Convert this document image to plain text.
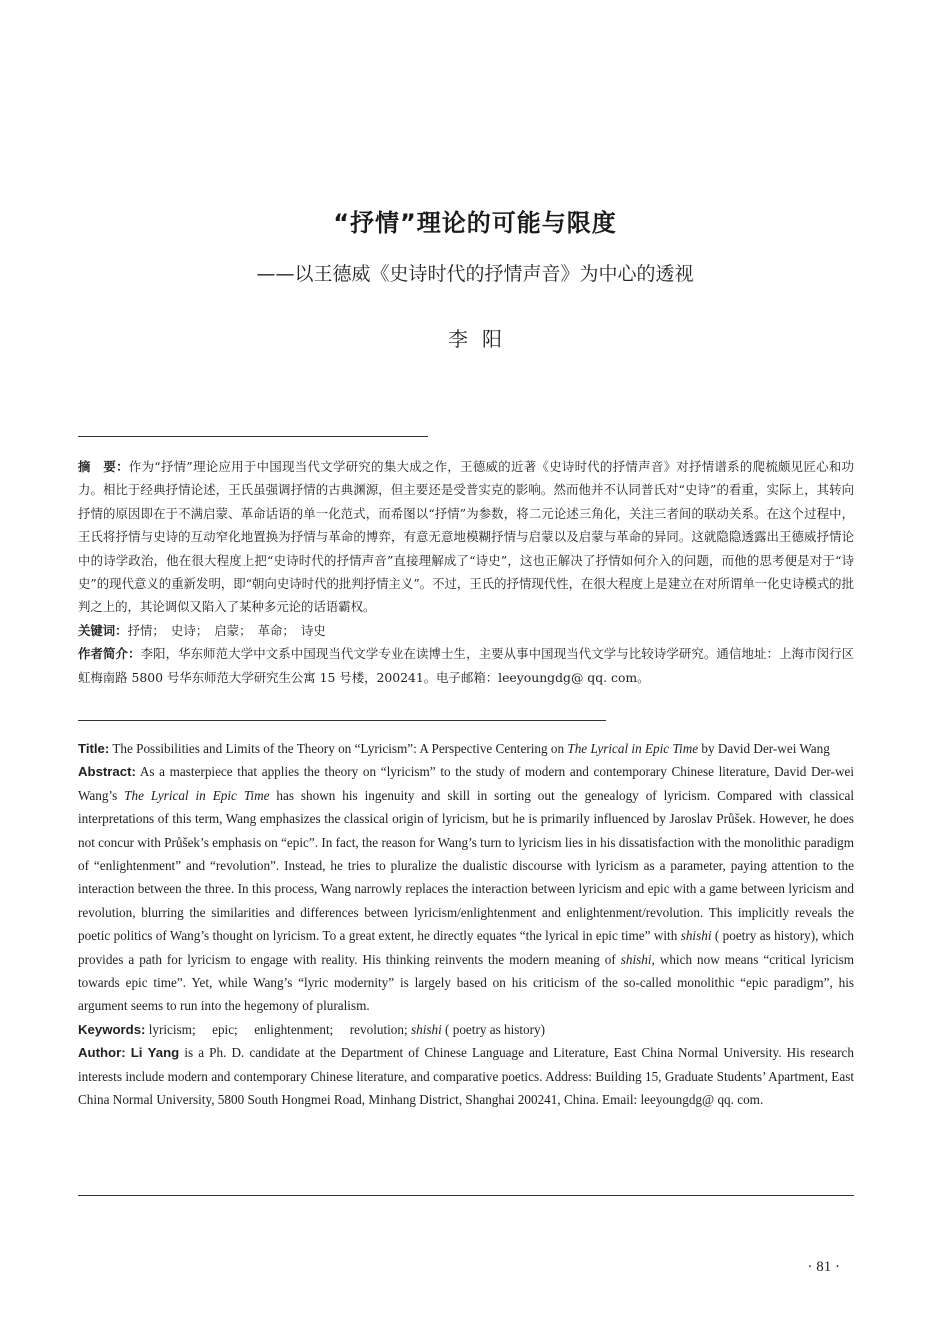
“抒情”理论的可能与限度
——以王德威《史诗时代的抒情声音》为中心的透视
李阳

摘　要：作为“抒情”理论应用于中国现当代文学研究的集大成之作，王德威的近著《史诗时代的抒情声音》对抒情谱系的爬梳颇见匠心和功力。相比于经典抒情论述，王氏虽强调抒情的古典渊源，但主要还是受普实克的影响。然而他并不认同普氏对“史诗”的看重，实际上，其转向抒情的原因即在于不满启蒙、革命话语的单一化范式，而希图以“抒情”为参数，将二元论述三角化，关注三者间的联动关系。在这个过程中，王氏将抒情与史诗的互动窄化地置换为抒情与革命的博弈，有意无意地模糊抒情与启蒙以及启蒙与革命的异同。这就隐隐透露出王德威抒情论中的诗学政治，他在很大程度上把“史诗时代的抒情声音”直接理解成了“诗史”，这也正解决了抒情如何介入的问题，而他的思考便是对于“诗史”的现代意义的重新发明，即“朝向史诗时代的批判抒情主义”。不过，王氏的抒情现代性，在很大程度上是建立在对所谓单一化史诗模式的批判之上的，其论调似又陷入了某种多元论的话语霸权。

关键词：抒情；　史诗；　启蒙；　革命；　诗史

作者简介：李阳，华东师范大学中文系中国现当代文学专业在读博士生，主要从事中国现当代文学与比较诗学研究。通信地址：上海市闵行区虹梅南路 5800 号华东师范大学研究生公寓 15 号楼，200241。电子邮箱：leeyoungdg@ qq. com。

Title: The Possibilities and Limits of the Theory on “Lyricism”: A Perspective Centering on The Lyrical in Epic Time by David Der-wei Wang

Abstract: As a masterpiece that applies the theory on “lyricism” to the study of modern and contemporary Chinese literature, David Der-wei Wang’s The Lyrical in Epic Time has shown his ingenuity and skill in sorting out the genealogy of lyricism. Compared with classical interpretations of this term, Wang emphasizes the classical origin of lyricism, but he is primarily influenced by Jaroslav Průšek. However, he does not concur with Průšek’s emphasis on “epic”. In fact, the reason for Wang’s turn to lyricism lies in his dissatisfaction with the monolithic paradigm of “enlightenment” and “revolution”. Instead, he tries to pluralize the dualistic discourse with lyricism as a parameter, paying attention to the interaction between the three. In this process, Wang narrowly replaces the interaction between lyricism and epic with a game between lyricism and revolution, blurring the similarities and differences between lyricism/enlightenment and enlightenment/revolution. This implicitly reveals the poetic politics of Wang’s thought on lyricism. To a great extent, he directly equates “the lyrical in epic time” with shishi ( poetry as history), which provides a path for lyricism to engage with reality. His thinking reinvents the modern meaning of shishi, which now means “critical lyricism towards epic time”. Yet, while Wang’s “lyric modernity” is largely based on his criticism of the so-called monolithic “epic paradigm”, his argument seems to run into the hegemony of pluralism.

Keywords: lyricism;　 epic;　 enlightenment;　 revolution; shishi ( poetry as history)

Author: Li Yang is a Ph. D. candidate at the Department of Chinese Language and Literature, East China Normal University. His research interests include modern and contemporary Chinese literature, and comparative poetics. Address: Building 15, Graduate Students’ Apartment, East China Normal University, 5800 South Hongmei Road, Minhang District, Shanghai 200241, China. Email: leeyoungdg@ qq. com.

· 81 ·
